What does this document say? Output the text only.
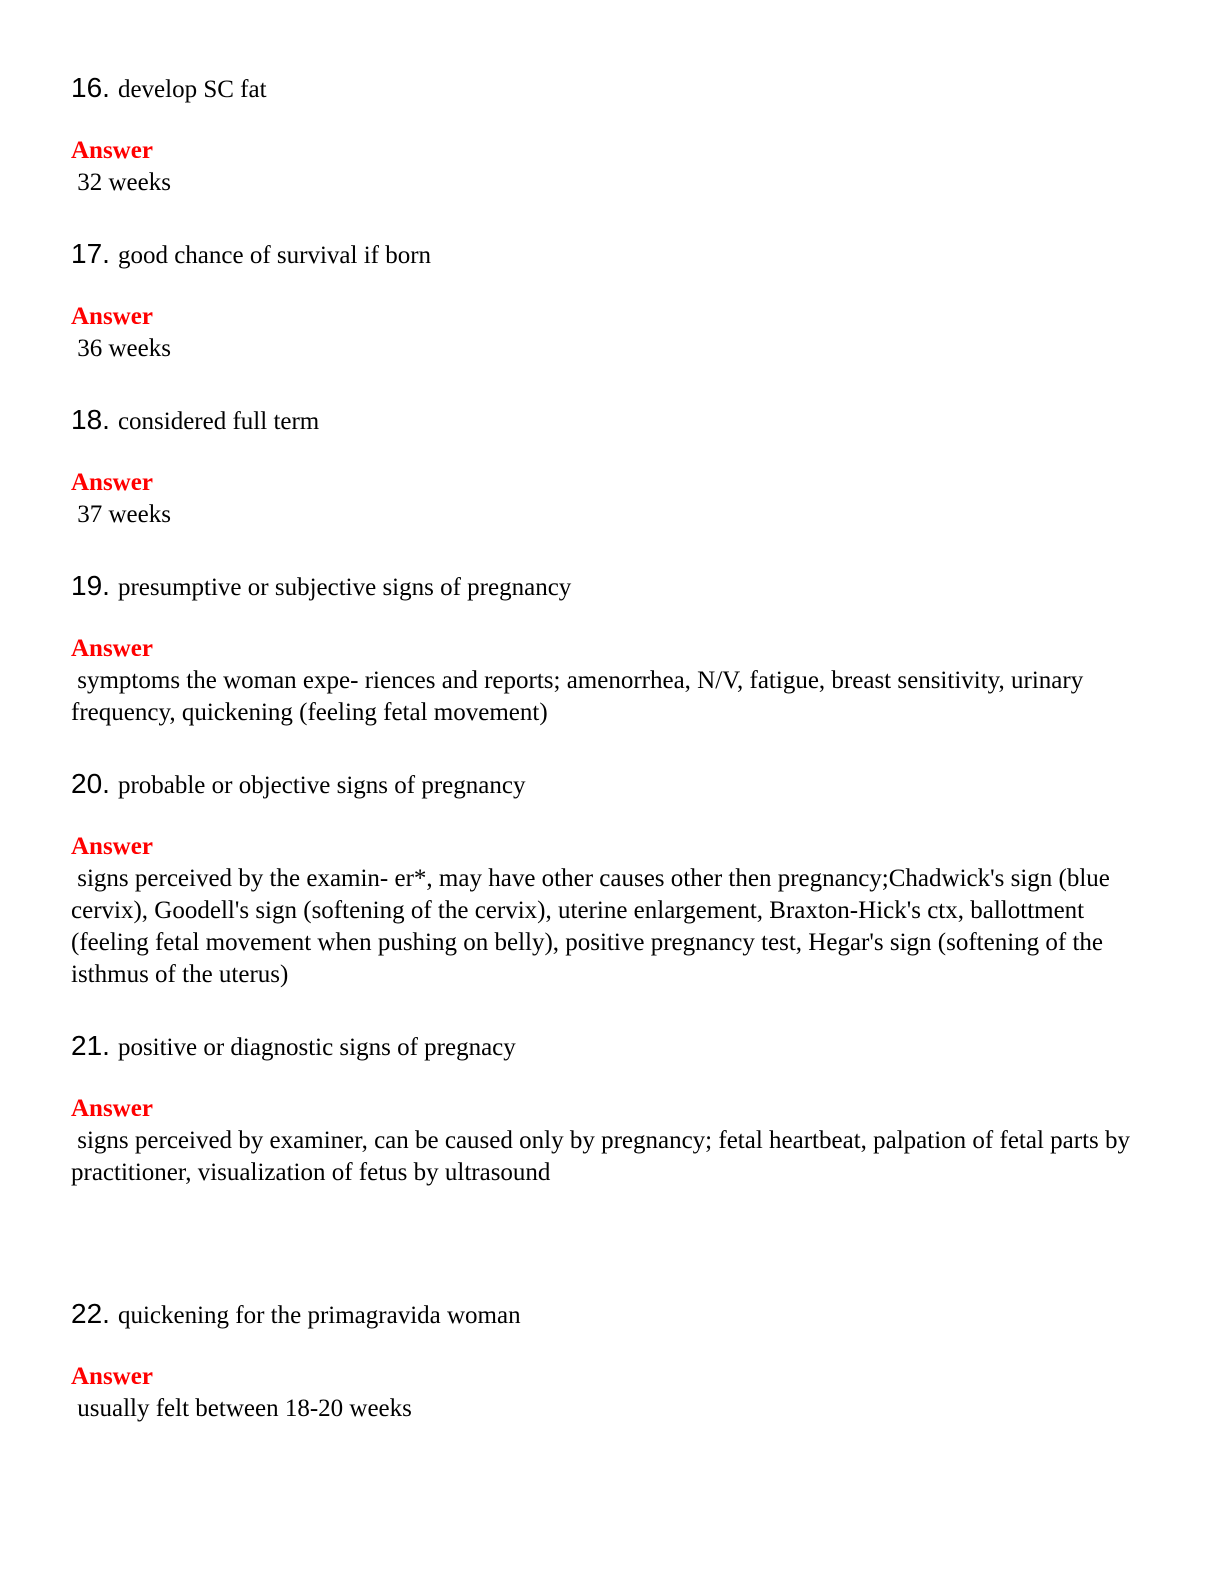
16. develop SC fat
Answer
32 weeks
17. good chance of survival if born
Answer
36 weeks
18. considered full term
Answer
37 weeks
19. presumptive or subjective signs of pregnancy
Answer
symptoms the woman expe- riences and reports; amenorrhea, N/V, fatigue, breast sensitivity, urinary frequency, quickening (feeling fetal movement)
20. probable or objective signs of pregnancy
Answer
signs perceived by the examin- er*, may have other causes other then pregnancy;Chadwick's sign (blue cervix), Goodell's sign (softening of the cervix), uterine enlargement, Braxton-Hick's ctx, ballottment (feeling fetal movement when pushing on belly), positive pregnancy test, Hegar's sign (softening of the isthmus of the uterus)
21. positive or diagnostic signs of pregnacy
Answer
signs perceived by examiner, can be caused only by pregnancy; fetal heartbeat, palpation of fetal parts by practitioner, visualization of fetus by ultrasound
22. quickening for the primagravida woman
Answer
usually felt between 18-20 weeks
